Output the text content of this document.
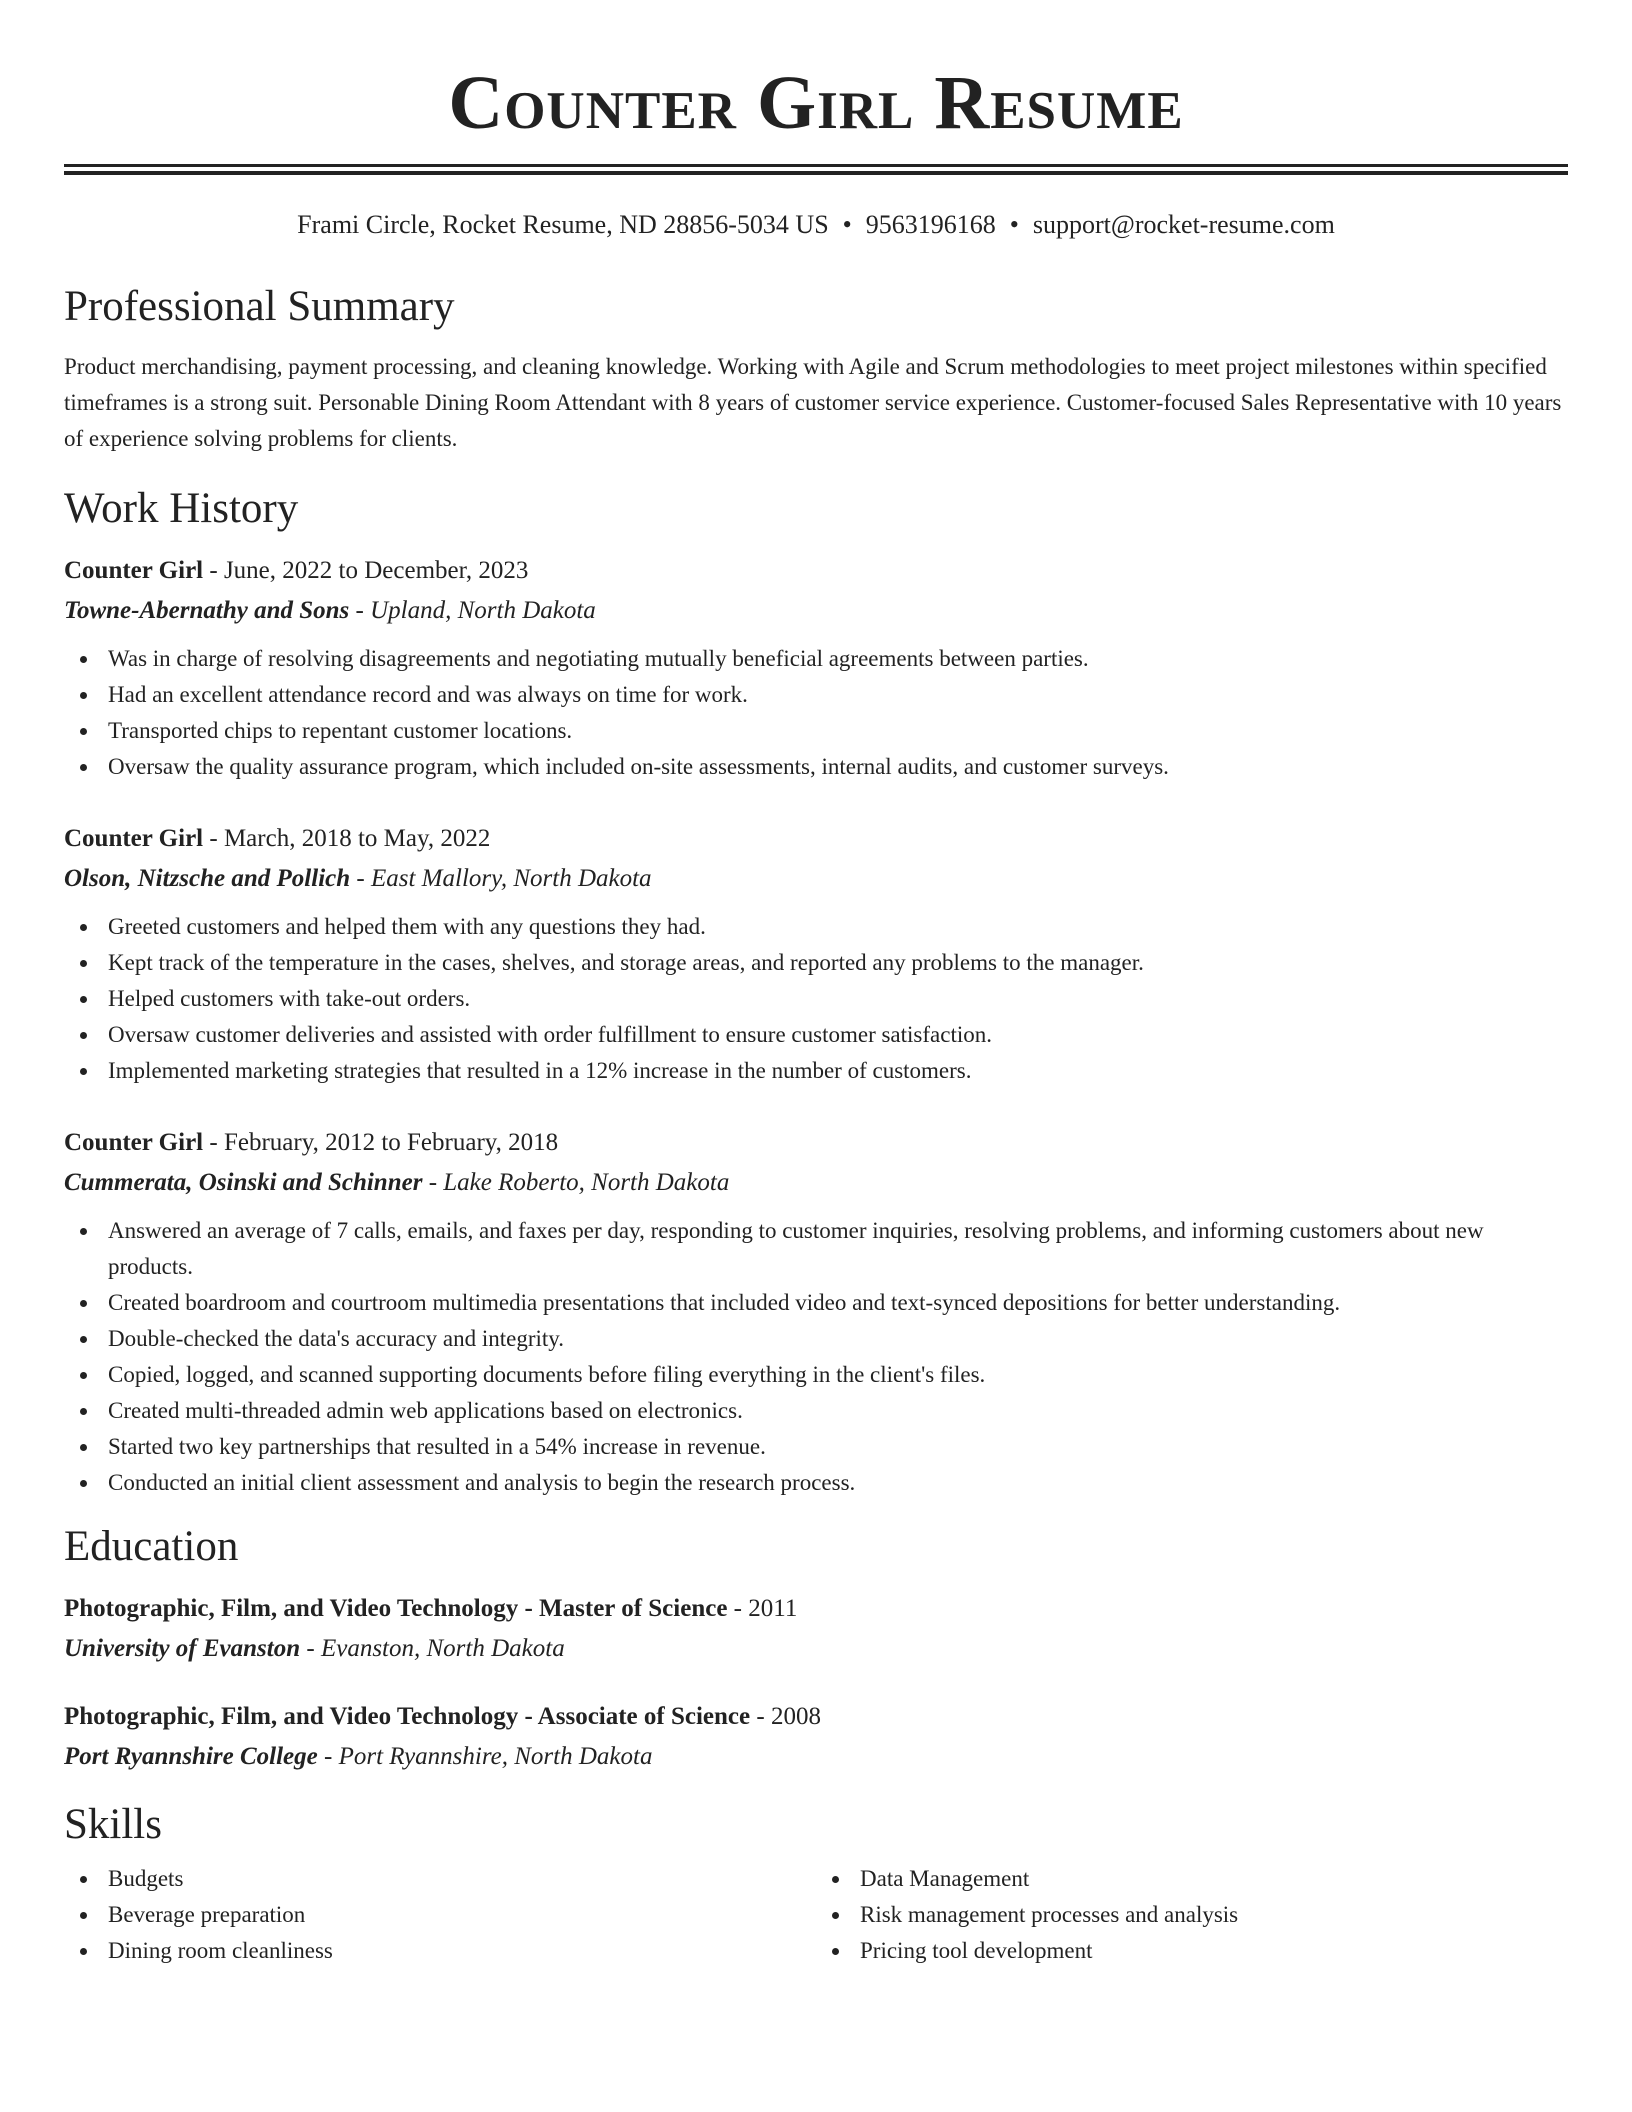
Counter Girl Resume
Frami Circle, Rocket Resume, ND 28856-5034 US • 9563196168 • support@rocket-resume.com
Professional Summary
Product merchandising, payment processing, and cleaning knowledge. Working with Agile and Scrum methodologies to meet project milestones within specified timeframes is a strong suit. Personable Dining Room Attendant with 8 years of customer service experience. Customer-focused Sales Representative with 10 years of experience solving problems for clients.
Work History
Counter Girl - June, 2022 to December, 2023
Towne-Abernathy and Sons - Upland, North Dakota
Was in charge of resolving disagreements and negotiating mutually beneficial agreements between parties.
Had an excellent attendance record and was always on time for work.
Transported chips to repentant customer locations.
Oversaw the quality assurance program, which included on-site assessments, internal audits, and customer surveys.
Counter Girl - March, 2018 to May, 2022
Olson, Nitzsche and Pollich - East Mallory, North Dakota
Greeted customers and helped them with any questions they had.
Kept track of the temperature in the cases, shelves, and storage areas, and reported any problems to the manager.
Helped customers with take-out orders.
Oversaw customer deliveries and assisted with order fulfillment to ensure customer satisfaction.
Implemented marketing strategies that resulted in a 12% increase in the number of customers.
Counter Girl - February, 2012 to February, 2018
Cummerata, Osinski and Schinner - Lake Roberto, North Dakota
Answered an average of 7 calls, emails, and faxes per day, responding to customer inquiries, resolving problems, and informing customers about new products.
Created boardroom and courtroom multimedia presentations that included video and text-synced depositions for better understanding.
Double-checked the data's accuracy and integrity.
Copied, logged, and scanned supporting documents before filing everything in the client's files.
Created multi-threaded admin web applications based on electronics.
Started two key partnerships that resulted in a 54% increase in revenue.
Conducted an initial client assessment and analysis to begin the research process.
Education
Photographic, Film, and Video Technology - Master of Science - 2011
University of Evanston - Evanston, North Dakota
Photographic, Film, and Video Technology - Associate of Science - 2008
Port Ryannshire College - Port Ryannshire, North Dakota
Skills
Budgets
Beverage preparation
Dining room cleanliness
Data Management
Risk management processes and analysis
Pricing tool development
